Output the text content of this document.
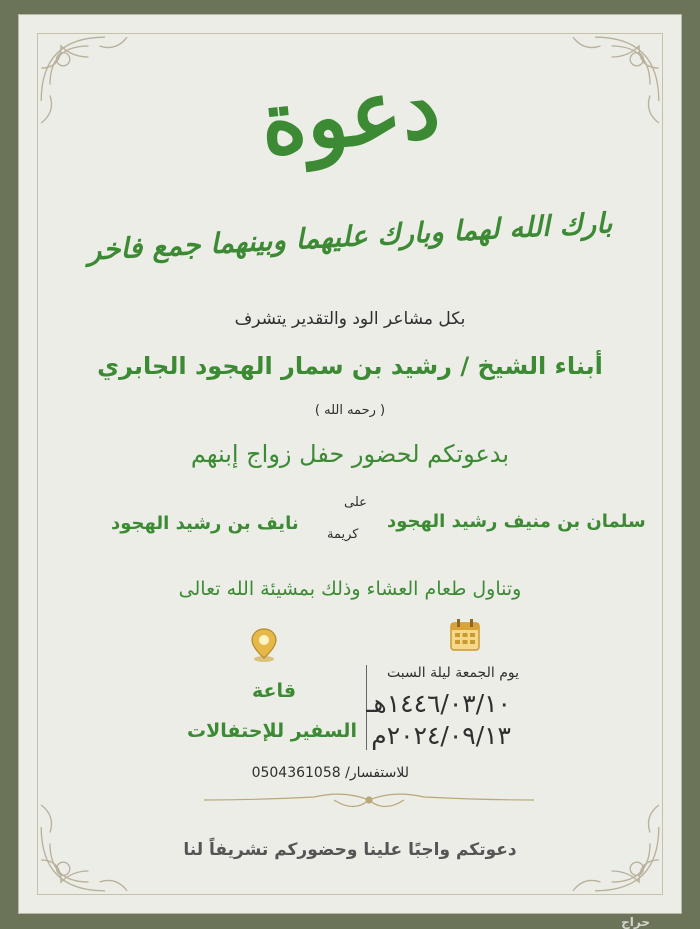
دعوة
بارك الله لهما وبارك عليهما وبينهما جمع فاخر
بكل مشاعر الود والتقدير يتشرف
أبناء الشيخ / رشيد بن سمار الهجود الجابري
( رحمه الله )
بدعوتكم لحضور حفل زواج إبنهم
سلمان بن منيف رشيد الهجود
على
كريمة
نايف بن رشيد الهجود
وتناول طعام العشاء وذلك بمشيئة الله تعالى
يوم الجمعة ليلة السبت
١٤٤٦/٠٣/١٠هـ
٢٠٢٤/٠٩/١٣م
قاعة
السفير للإحتفالات
للاستفسار/ 0504361058
دعوتكم واجبًا علينا وحضوركم تشريفاً لنا
حراج
